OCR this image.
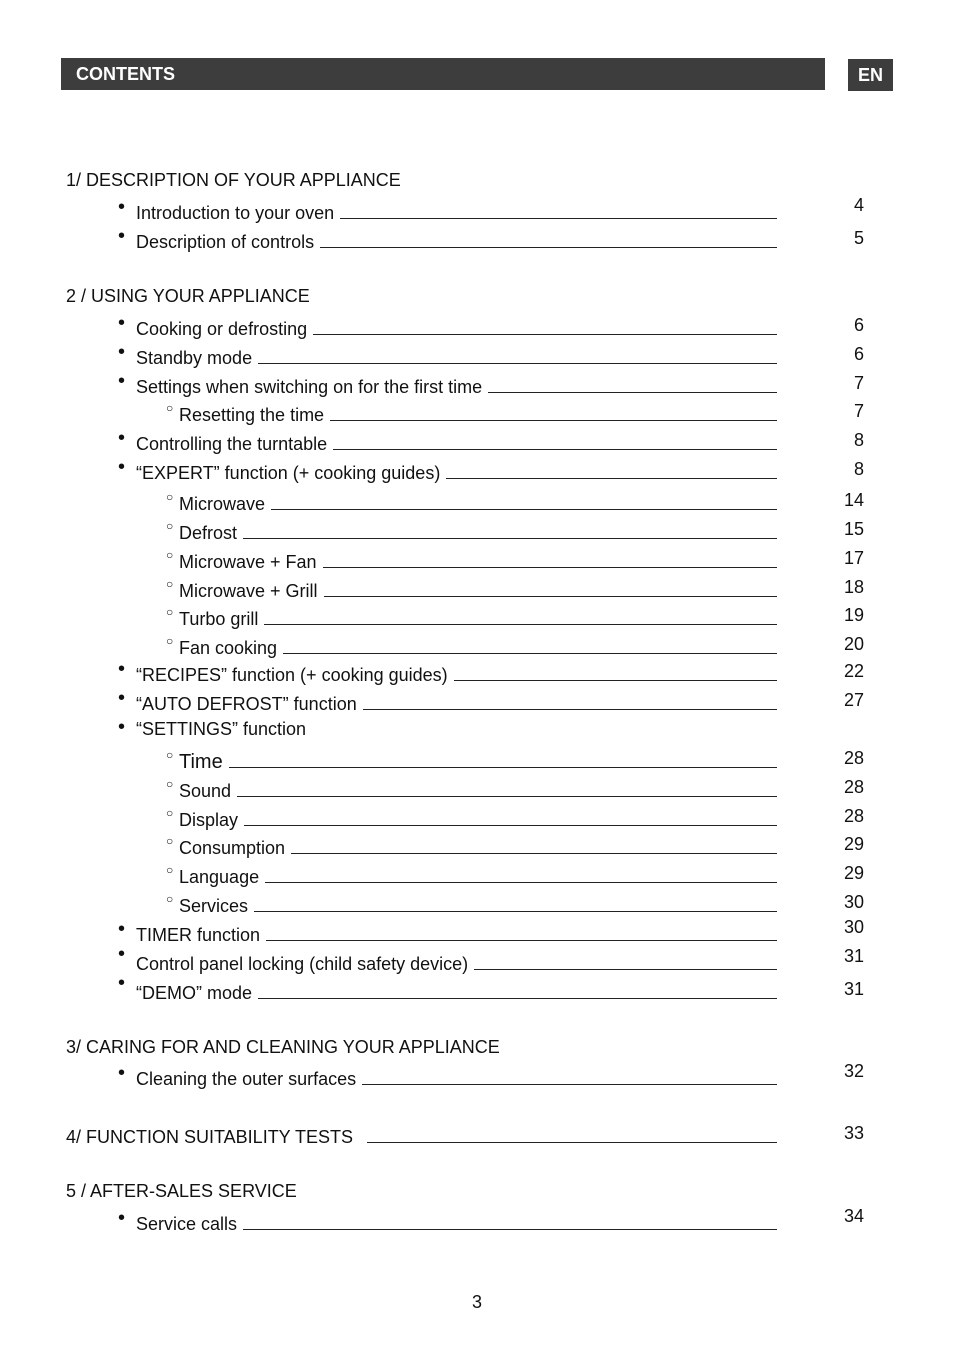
CONTENTS	EN
1/ DESCRIPTION OF YOUR APPLIANCE
• Introduction to your oven	4
• Description of controls	5
2 / USING YOUR APPLIANCE
• Cooking or defrosting	6
• Standby mode	6
• Settings when switching on for the first time	7
○ Resetting the time	7
• Controlling the turntable	8
• “EXPERT” function (+ cooking guides)	8
○ Microwave	14
○ Defrost	15
○ Microwave + Fan	17
○ Microwave + Grill	18
○ Turbo grill	19
○ Fan cooking	20
• “RECIPES” function (+ cooking guides)	22
• “AUTO DEFROST” function	27
• “SETTINGS” function
○ Time	28
○ Sound	28
○ Display	28
○ Consumption	29
○ Language	29
○ Services	30
• TIMER function	30
• Control panel locking (child safety device)	31
• “DEMO” mode	31
3/ CARING FOR AND CLEANING YOUR APPLIANCE
• Cleaning the outer surfaces	32
4/ FUNCTION SUITABILITY TESTS	33
5 / AFTER-SALES SERVICE
• Service calls	34
3
